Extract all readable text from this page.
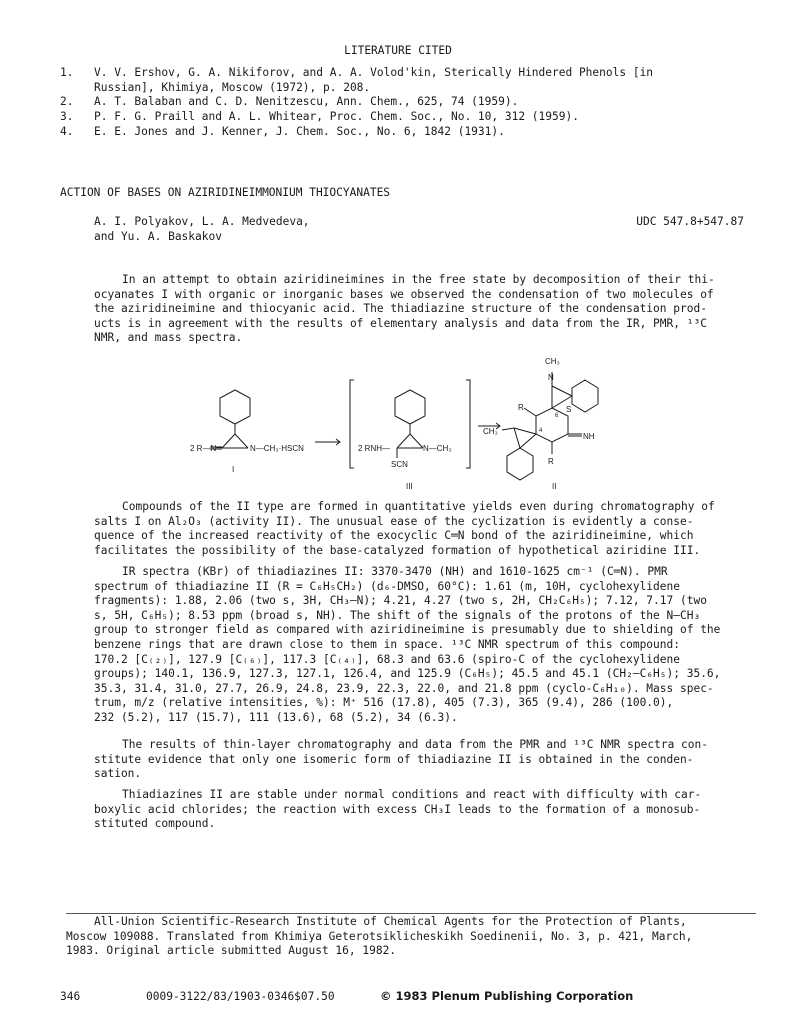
LITERATURE CITED
1. V. V. Ershov, G. A. Nikiforov, and A. A. Volod'kin, Sterically Hindered Phenols [in
Russian], Khimiya, Moscow (1972), p. 208.
2. A. T. Balaban and C. D. Nenitzescu, Ann. Chem., 625, 74 (1959).
3. P. F. G. Praill and A. L. Whitear, Proc. Chem. Soc., No. 10, 312 (1959).
4. E. E. Jones and J. Kenner, J. Chem. Soc., No. 6, 1842 (1931).
ACTION OF BASES ON AZIRIDINEIMMONIUM THIOCYANATES
A. I. Polyakov, L. A. Medvedeva,
and Yu. A. Baskakov
UDC 547.8+547.87
In an attempt to obtain aziridineimines in the free state by decomposition of their thi-
ocyanates I with organic or inorganic bases we observed the condensation of two molecules of
the aziridineimine and thiocyanic acid. The thiadiazine structure of the condensation prod-
ucts is in agreement with the results of elementary analysis and data from the IR, PMR, ¹³C
NMR, and mass spectra.
2 R—N═	N—CH₃·HSCN
I
2 RNH—	N—CH₃
SCN
III
CH₃
N
R	S
6
4
NH
CH₃
R
II
Compounds of the II type are formed in quantitative yields even during chromatography of
salts I on Al₂O₃ (activity II). The unusual ease of the cyclization is evidently a conse-
quence of the increased reactivity of the exocyclic C═N bond of the aziridineimine, which
facilitates the possibility of the base-catalyzed formation of hypothetical aziridine III.
IR spectra (KBr) of thiadiazines II: 3370-3470 (NH) and 1610-1625 cm⁻¹ (C═N). PMR
spectrum of thiadiazine II (R = C₆H₅CH₂) (d₆-DMSO, 60°C): 1.61 (m, 10H, cyclohexylidene
fragments): 1.88, 2.06 (two s, 3H, CH₃—N); 4.21, 4.27 (two s, 2H, CH₂C₆H₅); 7.12, 7.17 (two
s, 5H, C₆H₅); 8.53 ppm (broad s, NH). The shift of the signals of the protons of the N—CH₃
group to stronger field as compared with aziridineimine is presumably due to shielding of the
benzene rings that are drawn close to them in space. ¹³C NMR spectrum of this compound:
170.2 [C₍₂₎], 127.9 [C₍₆₎], 117.3 [C₍₄₎], 68.3 and 63.6 (spiro-C of the cyclohexylidene
groups); 140.1, 136.9, 127.3, 127.1, 126.4, and 125.9 (C₆H₅); 45.5 and 45.1 (CH₂—C₆H₅); 35.6,
35.3, 31.4, 31.0, 27.7, 26.9, 24.8, 23.9, 22.3, 22.0, and 21.8 ppm (cyclo-C₆H₁₀). Mass spec-
trum, m/z (relative intensities, %): M⁺ 516 (17.8), 405 (7.3), 365 (9.4), 286 (100.0),
232 (5.2), 117 (15.7), 111 (13.6), 68 (5.2), 34 (6.3).
The results of thin-layer chromatography and data from the PMR and ¹³C NMR spectra con-
stitute evidence that only one isomeric form of thiadiazine II is obtained in the conden-
sation.
Thiadiazines II are stable under normal conditions and react with difficulty with car-
boxylic acid chlorides; the reaction with excess CH₃I leads to the formation of a monosub-
stituted compound.
All-Union Scientific-Research Institute of Chemical Agents for the Protection of Plants,
Moscow 109088. Translated from Khimiya Geterotsiklicheskikh Soedinenii, No. 3, p. 421, March,
1983. Original article submitted August 16, 1982.
346	0009-3122/83/1903-0346$07.50	© 1983 Plenum Publishing Corporation
